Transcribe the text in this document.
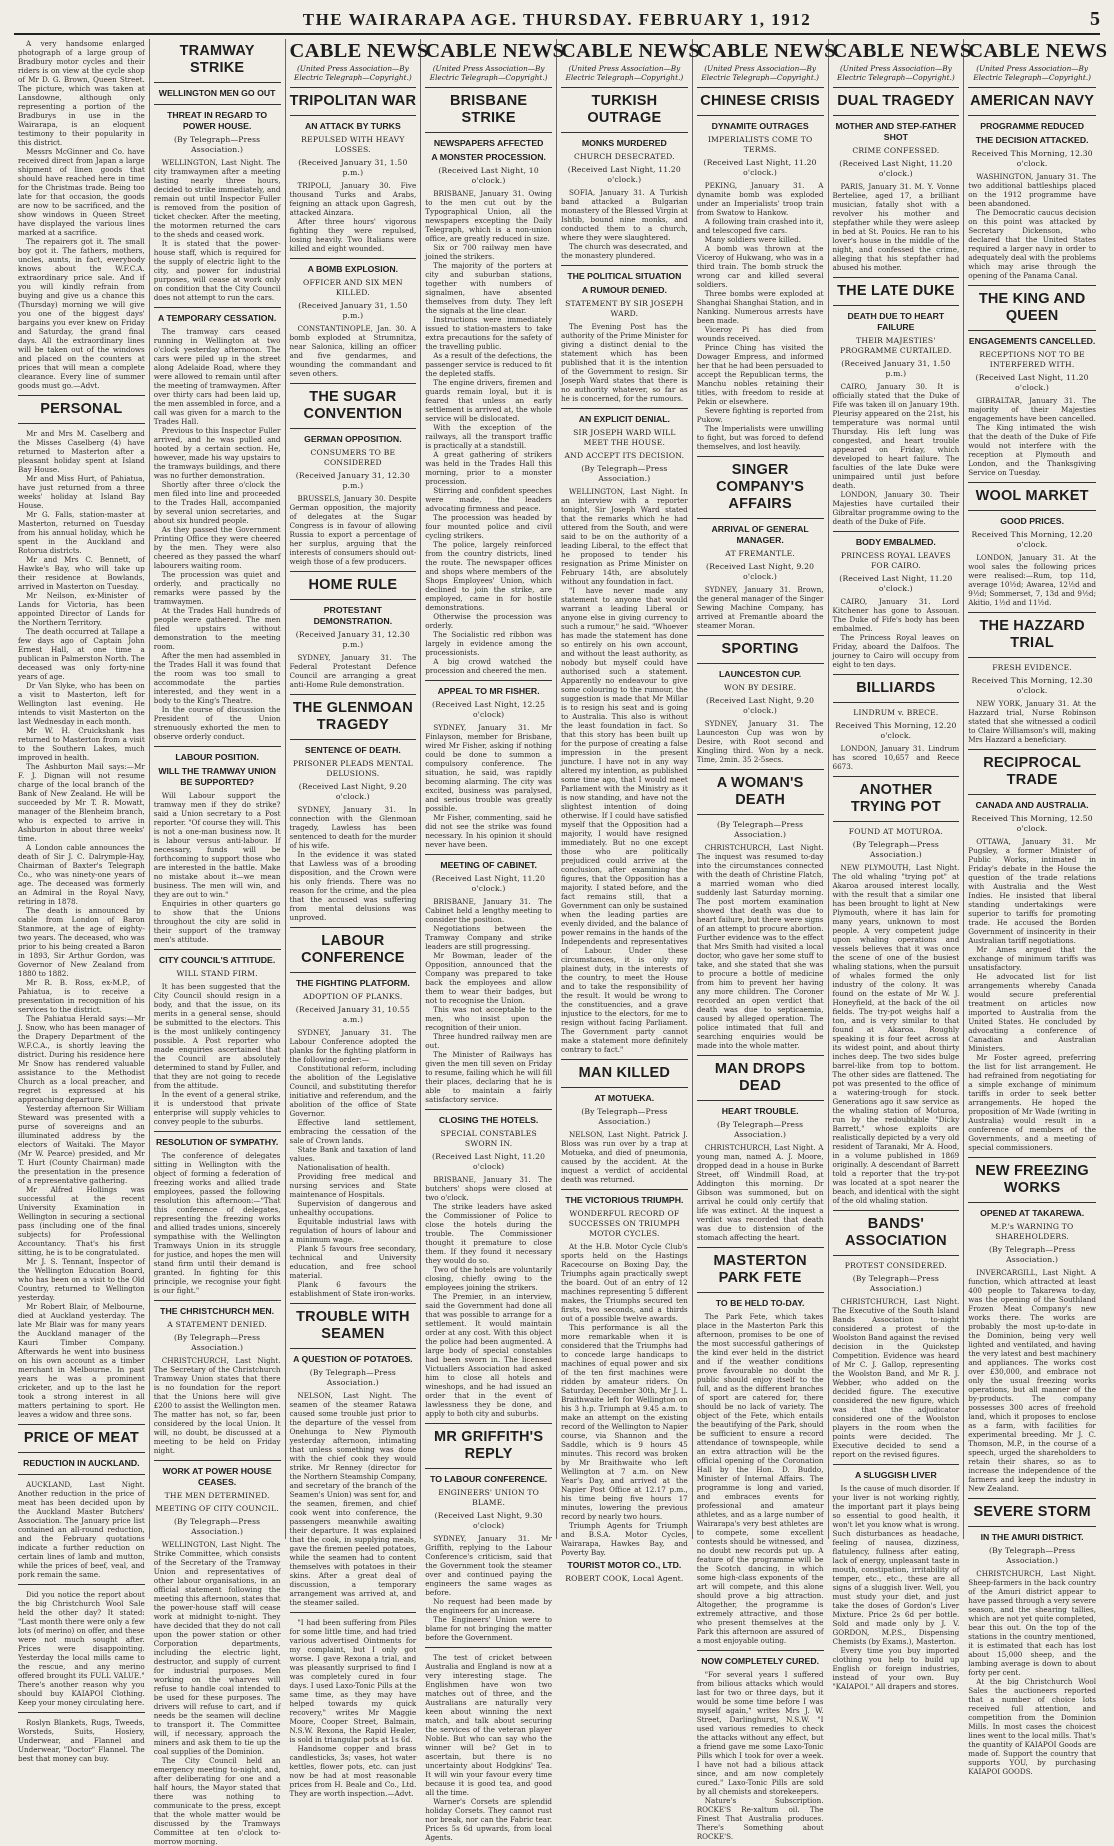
THE WAIRARAPA AGE. THURSDAY. FEBRUARY 1, 1912	5

A very handsome enlarged photograph of a large group of Bradbury motor cycles and their riders is on view at the cycle shop of Mr D. G. Brown, Queen Street. The picture, which was taken at Lansdowne, although only representing a portion of the Bradburys in use in the Wairarapa, is an eloquent testimony to their popularity in this district.

Messrs McGinner and Co. have received direct from Japan a large shipment of linen goods that should have reached here in time for the Christmas trade. Being too late for that occasion, the goods are now to be sacrificed, and the show windows in Queen Street have displayed the various lines marked at a sacrifice.

The repairers got it. The small boy got it. The fathers, mothers, uncles, aunts, in fact, everybody knows about the W.F.C.A. extraordinary price sale. And if you will kindly refrain from buying and give us a chance this (Thursday) morning we will give you one of the biggest days' bargains you ever knew on Friday and Saturday, the grand final days. All the extraordinary lines will be taken out of the windows and placed on the counters at prices that will mean a complete clearance. Every line of summer goods must go.—Advt.

PERSONAL

Mr and Mrs M. Caselberg and the Misses Caselberg (4) have returned to Masterton after a pleasant holiday spent at Island Bay House.

Mr and Miss Hurt, of Pahiatua, have just returned from a three weeks' holiday at Island Bay House.

Mr G. Falls, station-master at Masterton, returned on Tuesday from his annual holiday, which he spent in the Auckland and Rotorua districts.

Mr and Mrs C. Bennett, of Hawke's Bay, who will take up their residence at Bowlands, arrived in Masterton on Tuesday.

Mr Neilson, ex-Minister of Lands for Victoria, has been appointed Director of Lands for the Northern Territory.

The death occurred at Tallape a few days ago of Captain John Ernest Hall, at one time a publican in Palmerston North. The deceased was only forty-nine years of age.

Dr Van Slyke, who has been on a visit to Masterton, left for Wellington last evening. He intends to visit Masterton on the last Wednesday in each month.

Mr W. H. Cruickshank has returned to Masterton from a visit to the Southern Lakes, much improved in health.

The Ashburton Mail says:—Mr F. J. Dignan will not resume charge of the local branch of the Bank of New Zealand. He will be succeeded by Mr T. R. Mowatt, manager of the Blenheim branch, who is expected to arrive in Ashburton in about three weeks' time.

A London cable announces the death of Sir J. C. Dalrymple-Hay, Chairman of Baxter's Telegraph Co., who was ninety-one years of age. The deceased was formerly an Admiral in the Royal Navy, retiring in 1878.

The death is announced by cable from London of Baron Stanmore, at the age of eighty-two years. The deceased, who was prior to his being created a Baron in 1893, Sir Arthur Gordon, was Governor of New Zealand from 1880 to 1882.

Mr R. B. Ross, ex-M.P., of Pahiatua, is to receive a presentation in recognition of his services to the district.

The Pahiatua Herald says:—Mr J. Snow, who has been manager of the Drapery Department of the W.F.C.A., is shortly leaving the district. During his residence here Mr Snow has rendered valuable assistance to the Methodist Church as a local preacher, and regret is expressed at his approaching departure.

Yesterday afternoon Sir William Steward was presented with a purse of sovereigns and an illuminated address by the electors of Waitaki. The Mayor (Mr W. Pearce) presided, and Mr T. Hurt (County Chairman) made the presentation in the presence of a representative gathering.

Mr Alfred Hollings was successful at the recent University Examination in Wellington in securing a sectional pass (including one of the final subjects) for Professional Accountancy. That's his first sitting, he is to be congratulated.

Mr J. S. Tennant, Inspector of the Wellington Education Board, who has been on a visit to the Old Country, returned to Wellington yesterday.

Mr Robert Blair, of Melbourne, died at Auckland yesterday. The late Mr Blair was for many years the Auckland manager of the Kauri Timber Company. Afterwards he went into business on his own account as a timber merchant in Melbourne. In past years he was a prominent cricketer, and up to the last he took a strong interest in all matters pertaining to sport. He leaves a widow and three sons.

PRICE OF MEAT
REDUCTION IN AUCKLAND.

AUCKLAND, Last Night. Another reduction in the price of meat has been decided upon by the Auckland Master Butchers' Association. The January price list contained an all-round reduction, and the February quotations indicate a further reduction on certain lines of lamb and mutton, while the prices of beef, veal, and pork remain the same.

Did you notice the report about the big Christchurch Wool Sale held the other day? It stated: "Last month there were only a few lots (of merino) on offer, and these were not much sought after. Prices were disappointing. Yesterday the local mills came to the rescue, and any merino offered brought its FULL VALUE." There's another reason why you should buy KAIAPOI Clothing. Keep your money circulating here.

Roslyn Blankets, Rugs, Tweeds, Worsteds, Suits, Hosiery, Underwear, and Flannel and Underwear, "Doctor" Flannel. The best that money can buy.

TRAMWAY STRIKE
WELLINGTON MEN GO OUT
THREAT IN REGARD TO POWER HOUSE.
(By Telegraph—Press Association.)

WELLINGTON, Last Night. The city tramwaymen after a meeting lasting nearly three hours, decided to strike immediately, and remain out until Inspector Fuller is removed from the position of ticket checker. After the meeting, the motormen returned the cars to the sheds and ceased work.

It is stated that the power-house staff, which is required for the supply of electric light to the city, and power for industrial purposes, will cease at work only on condition that the City Council does not attempt to run the cars.

A TEMPORARY CESSATION.

The tramway cars ceased running in Wellington at two o'clock yesterday afternoon. The cars were piled up in the street along Adelaide Road, where they were allowed to remain until after the meeting of tramwaymen. After over thirty cars had been laid up, the men assembled in force, and a call was given for a march to the Trades Hall.

Previous to this Inspector Fuller arrived, and he was pulled and hooted by a certain section. He, however, made his way upstairs to the tramways buildings, and there was no further demonstration.

Shortly after three o'clock the men filed into line and proceeded to the Trades Hall, accompanied by several union secretaries, and about six hundred people.

As they passed the Government Printing Office they were cheered by the men. They were also cheered as they passed the wharf labourers waiting room.

The procession was quiet and orderly, and practically no remarks were passed by the tramwaymen.

At the Trades Hall hundreds of people were gathered. The men filed upstairs without demonstration to the meeting room.

After the men had assembled in the Trades Hall it was found that the room was too small to accommodate the parties interested, and they went in a body to the King's Theatre.

In the course of discussion the President of the Union strenuously exhorted the men to observe orderly conduct.

LABOUR POSITION.
WILL THE TRAMWAY UNION BE SUPPORTED?

Will Labour support the tramway men if they do strike? said a Union secretary to a Post reporter. "Of course they will. This is not a one-man business now. It is labour versus anti-labour. If necessary, funds will be forthcoming to support those who are interested in the battle. Make no mistake about it—we mean business. The men will win, and they are out to win."

Enquiries in other quarters go to show that the Unions throughout the city are solid in their support of the tramway men's attitude.

CITY COUNCIL'S ATTITUDE.
WILL STAND FIRM.

It has been suggested that the City Council should resign in a body, and that the issue, on its merits in a general sense, should be submitted to the electors. This is the most unlikely contingency possible. A Post reporter who made enquiries ascertained that the Council are absolutely determined to stand by Fuller, and that they are not going to recede from the attitude.

In the event of a general strike, it is understood that private enterprise will supply vehicles to convey people to the suburbs.

RESOLUTION OF SYMPATHY.

The conference of delegates sitting in Wellington with the object of forming a federation of freezing works and allied trade employees, passed the following resolution this afternoon:—"That this conference of delegates, representing the freezing works and allied trades unions, sincerely sympathise with the Wellington Tramways Union in its struggle for justice, and hopes the men will stand firm until their demand is granted. In fighting for this principle, we recognise your fight is our fight."

THE CHRISTCHURCH MEN.
A STATEMENT DENIED.
(By Telegraph—Press Association.)

CHRISTCHURCH, Last Night. The Secretary of the Christchurch Tramway Union states that there is no foundation for the report that the Unions here will give £200 to assist the Wellington men. The matter has not, so far, been considered by the local Union. It will, no doubt, be discussed at a meeting to be held on Friday night.

WORK AT POWER HOUSE CEASES.
THE MEN DETERMINED.
MEETING OF CITY COUNCIL.
(By Telegraph—Press Association.)

WELLINGTON, Last Night. The Strike Committee, which consists of the Secretary of the Tramway Union and representatives of other labour organisations, in an official statement following the meeting this afternoon, states that the power-house staff will cease work at midnight to-night. They have decided that they do not call upon the power station or other Corporation departments, including the electric light, destructor, and supply of current for industrial purposes. Men working on the wharves will refuse to handle coal intended to be used for these purposes. The drivers will refuse to cart, and if needs be the seamen will decline to transport it. The Committee will, if necessary, approach the miners and ask them to tie up the coal supplies of the Dominion.

The City Council held an emergency meeting to-night, and, after deliberating for one and a half hours, the Mayor stated that there was nothing to communicate to the press, except that the whole matter would be discussed by the Tramways Committee at ten o'clock to-morrow morning.

CABLE NEWS
(United Press Association—By Electric Telegraph—Copyright.)
TRIPOLITAN WAR
AN ATTACK BY TURKS
REPULSED WITH HEAVY LOSSES.
(Received January 31, 1.50 p.m.)

TRIPOLI, January 30. Five thousand Turks and Arabs, feigning an attack upon Gagresh, attacked Ainzara.

After three hours' vigorous fighting they were repulsed, losing heavily. Two Italians were killed and eight wounded.

A BOMB EXPLOSION.
OFFICER AND SIX MEN KILLED.
(Received January 31, 1.50 p.m.)

CONSTANTINOPLE, Jan. 30. A bomb exploded at Strumnitza, near Salonica, killing an officer and five gendarmes, and wounding the commandant and seven others.

THE SUGAR CONVENTION
GERMAN OPPOSITION.
CONSUMERS TO BE CONSIDERED
(Received January 31, 12.30 p.m.)

BRUSSELS, January 30. Despite German opposition, the majority of delegates at the Sugar Congress is in favour of allowing Russia to export a percentage of her surplus, arguing that the interests of consumers should out-weigh those of a few producers.

HOME RULE
PROTESTANT DEMONSTRATION.
(Received January 31, 12.30 p.m.)

SYDNEY, January 31. The Federal Protestant Defence Council are arranging a great anti-Home Rule demonstration.

THE GLENMOAN TRAGEDY
SENTENCE OF DEATH.
PRISONER PLEADS MENTAL DELUSIONS.
(Received Last Night, 9.20 o'clock.)

SYDNEY, January 31. In connection with the Glenmoan tragedy, Lawless has been sentenced to death for the murder of his wife.

In the evidence it was stated that Lawless was of a brooding disposition, and the Crown were his only friends. There was no reason for the crime, and the plea that the accused was suffering from mental delusions was unproved.

LABOUR CONFERENCE
THE FIGHTING PLATFORM.
ADOPTION OF PLANKS.
(Received January 31, 10.55 a.m.)

SYDNEY, January 31. The Labour Conference adopted the planks for the fighting platform in the following order:—

Constitutional reform, including the abolition of the Legislative Council, and substituting therefor initiative and referendum, and the abolition of the office of State Governor.

Effective land settlement, embracing the cessation of the sale of Crown lands.

State Bank and taxation of land values.

Nationalisation of health.

Providing free medical and nursing services and State maintenance of Hospitals.

Supervision of dangerous and unhealthy occupations.

Equitable industrial laws with regulation of hours of labour and a minimum wage.

Plank 5 favours free secondary, technical and University education, and free school material.

Plank 6 favours the establishment of State iron-works.

TROUBLE WITH SEAMEN
A QUESTION OF POTATOES.
(By Telegraph—Press Association.)

NELSON, Last Night. The seamen of the steamer Ratawa caused some trouble just prior to the departure of the vessel from Onehunga to New Plymouth yesterday afternoon, intimating that unless something was done with the chief cook they would strike. Mr Renney (director for the Northern Steamship Company, and secretary of the branch of the Seamen's Union) was sent for, and the seamen, firemen, and chief cook went into conference, the passengers meanwhile awaiting their departure. It was explained that the cook, in supplying meals, gave the firemen peeled potatoes, while the seamen had to content themselves with potatoes in their skins. After a great deal of discussion, a temporary arrangement was arrived at, and the steamer sailed.

"I had been suffering from Piles for some little time, and had tried various advertised Ointments for my complaint, but I only got worse. I gave Rexona a trial, and was pleasantly surprised to find I was completely cured in four days. I used Laxo-Tonic Pills at the same time, as they may have helped towards my quick recovery," writes Mr Maggie Moore, Cooper Street, Balmain, N.S.W. Rexona, the Rapid Healer, is sold in triangular pots at 1s 6d.

Handsome copper and brass candlesticks, 3s; vases, hot water kettles, flower pots, etc. can just now be had at most reasonable prices from H. Beale and Co., Ltd. They are worth inspection.—Advt.

CABLE NEWS
(United Press Association—By Electric Telegraph—Copyright.)
BRISBANE STRIKE
NEWSPAPERS AFFECTED
A MONSTER PROCESSION.
(Received Last Night, 10 o'clock.)

BRISBANE, January 31. Owing to the men cut out by the Typographical Union, all the newspapers excepting the Daily Telegraph, which is a non-union office, are greatly reduced in size.

Six or 700 railway men have joined the strikers.

The majority of the porters at city and suburban stations, together with numbers of signalmen, have absented themselves from duty. They left the signals at the line clear.

Instructions were immediately issued to station-masters to take extra precautions for the safety of the travelling public.

As a result of the defections, the passenger service is reduced to fit the depleted staffs.

The engine drivers, firemen and guards remain loyal, but it is feared that unless an early settlement is arrived at, the whole service will be dislocated.

With the exception of the railways, all the transport traffic is practically at a standstill.

A great gathering of strikers was held in the Trades Hall this morning, prior to a monster procession.

Stirring and confident speeches were made, the leaders advocating firmness and peace.

The procession was headed by four mounted police and civil cycling strikers.

The police, largely reinforced from the country districts, lined the route. The newspaper offices and shops where members of the Shops Employees' Union, which declined to join the strike, are employed, came in for hostile demonstrations.

Otherwise the procession was orderly.

The Socialistic red ribbon was largely in evidence among the processionists.

A big crowd watched the procession and cheered the men.

APPEAL TO MR FISHER.
(Received Last Night, 12.25 o'clock)

SYDNEY, January 31. Mr Finlayson, member for Brisbane, wired Mr Fisher, asking if nothing could be done to summon a compulsory conference. The situation, he said, was rapidly becoming alarming. The city was excited, business was paralysed, and serious trouble was greatly possible.

Mr Fisher, commenting, said he did not see the strike was found necessary. In his opinion it should never have been.

MEETING OF CABINET.
(Received Last Night, 11.20 o'clock.)

BRISBANE, January 31. The Cabinet held a lengthy meeting to consider the position.

Negotiations between the Tramway Company and strike leaders are still progressing.

Mr Bowman, leader of the Opposition, announced that the Company was prepared to take back the employees and allow them to wear their badges, but not to recognise the Union.

This was not acceptable to the men, who insist upon the recognition of their union.

Three hundred railway men are out.

The Minister of Railways has given the men till seven on Friday to resume, failing which he will fill their places, declaring that he is able to maintain a fairly satisfactory service.

CLOSING THE HOTELS.
SPECIAL CONSTABLES SWORN IN.
(Received Last Night, 11.20 o'clock)

BRISBANE, January 31. The butchers' shops were closed at two o'clock.

The strike leaders have asked the Commissioner of Police to close the hotels during the trouble. The Commissioner thought it premature to close them. If they found it necessary they would do so.

Two of the hotels are voluntarily closing, chiefly owing to the employees joining the strikers.

The Premier, in an interview, said the Government had done all that was possible to arrange for a settlement. It would maintain order at any cost. With this object the police had been augmented. A large body of special constables had been sworn in. The licensed Victuallers Association had asked him to close all hotels and wineshops, and he had issued an order that in the event of lawlessness they be done, and apply to both city and suburbs.

MR GRIFFITH'S REPLY
TO LABOUR CONFERENCE.
ENGINEERS' UNION TO BLAME.
(Received Last Night, 9.30 o'clock)

SYDNEY, January 31. Mr Griffith, replying to the Labour Conference's criticism, said that the Government took the steamer over and continued paying the engineers the same wages as before.

No request had been made by the engineers for an increase.

The Engineers' Union were to blame for not bringing the matter before the Government.

The test of cricket between Australia and England is now at a very interesting stage. The Englishmen have won two matches out of three, and the Australians are naturally very keen about winning the next match, and talk about securing the services of the veteran player Noble. But who can say who the winner will be? Get in to ascertain, but there is no uncertainty about Hodgkins' Tea. It will win your favour every time because it is good tea, and good all the time.

Warner's Corsets are splendid holiday Corsets. They cannot rust nor break, nor can the Fabric tear. Prices 5s 6d upwards, from local Agents.

CABLE NEWS
(United Press Association—By Electric Telegraph—Copyright.)
TURKISH OUTRAGE
MONKS MURDERED
CHURCH DESECRATED.
(Received Last Night, 11.20 o'clock.)

SOFIA, January 31. A Turkish band attacked a Bulgarian monastery of the Blessed Virgin at Ishtib, bound nine monks, and conducted them to a church, where they were slaughtered.

The church was desecrated, and the monastery plundered.

THE POLITICAL SITUATION
A RUMOUR DENIED.
STATEMENT BY SIR JOSEPH WARD.

The Evening Post has the authority of the Prime Minister for giving a distinct denial to the statement which has been published that it is the intention of the Government to resign. Sir Joseph Ward states that there is no authority whatever, so far as he is concerned, for the rumours.

AN EXPLICIT DENIAL.
SIR JOSEPH WARD WILL MEET THE HOUSE.
AND ACCEPT ITS DECISION.
(By Telegraph—Press Association.)

WELLINGTON, Last Night. In an interview with a reporter tonight, Sir Joseph Ward stated that the remarks which he had uttered from the South, and were said to be on the authority of a leading Liberal, to the effect that he proposed to tender his resignation as Prime Minister on February 14th, are absolutely without any foundation in fact.

"I have never made any statement to anyone that would warrant a leading Liberal or anyone else in giving currency to such a rumour," he said. "Whoever has made the statement has done so entirely on his own account, and without the least authority, as nobody but myself could have authorised such a statement. Apparently no endeavour to give some colouring to the rumour, the suggestion is made that Mr Millar is to resign his seat and is going to Australia. This also is without the least foundation in fact. So that this story has been built up for the purpose of creating a false impression in the present juncture. I have not in any way altered my intention, as published some time ago, that I would meet Parliament with the Ministry as it is now standing, and have not the slightest intention of doing otherwise. If I could have satisfied myself that the Opposition had a majority, I would have resigned immediately. But no one except those who are politically prejudiced could arrive at the conclusion, after examining the figures, that the Opposition has a majority. I stated before, and the fact remains still, that a Government can only be sustained when the leading parties are evenly divided, and the balance of power remains in the hands of the Independents and representatives of Labour. Under these circumstances, it is only my plainest duty, in the interests of the country, to meet the House and to take the responsibility of the result. It would be wrong to the constituencies, and a grave injustice to the electors, for me to resign without facing Parliament. The Government party cannot make a statement more definitely contrary to fact."

MAN KILLED
AT MOTUEKA.
(By Telegraph—Press Association.)

NELSON, Last Night. Patrick J. Bloss was run over by a trap at Motueka, and died of pneumonia, caused by the accident. At the inquest a verdict of accidental death was returned.

THE VICTORIOUS TRIUMPH.
WONDERFUL RECORD OF SUCCESSES ON TRIUMPH MOTOR CYCLES.

At the H.B. Motor Cycle Club's sports held on the Hastings Racecourse on Boxing Day, the Triumphs again practically swept the board. Out of an entry of 12 machines representing 5 different makes, the Triumphs secured ten firsts, two seconds, and a thirds out of a possible twelve awards.

This performance is all the more remarkable when it is considered that the Triumphs had to concede large handicaps to machines of equal power and six of the ten first machines were ridden by amateur riders. On Saturday, December 30th, Mr J. L. Braithwaite left for Wellington on his 3 h.p. Triumph at 9.45 a.m. to make an attempt on the existing record of the Wellington to Napier course, via Shannon and the Saddle, which is 9 hours 45 minutes. This record was broken by Mr Braithwaite who left Wellington at 7 a.m. on New Year's Day, and arrived at the Napier Post Office at 12.17 p.m., his time being five hours 17 minutes, lowering the previous record by nearly two hours.

Triumph Agents for Triumph and B.S.A. Motor Cycles, Wairarapa, Hawkes Bay, and Poverty Bay.

TOURIST MOTOR CO., LTD.
ROBERT COOK, Local Agent.
CABLE NEWS
(United Press Association—By Electric Telegraph—Copyright.)
CHINESE CRISIS
DYNAMITE OUTRAGES
IMPERIALISTS COME TO TERMS.
(Received Last Night, 11.20 o'clock.)

PEKING, January 31. A dynamite bomb was exploded under an Imperialists' troop train from Swatow to Hankow.

A following train crashed into it, and telescoped five cars.

Many soldiers were killed.

A bomb was thrown at the Viceroy of Hukwang, who was in a third train. The bomb struck the wrong car and killed several soldiers.

Three bombs were exploded at Shanghai Shanghai Station, and in Nanking. Numerous arrests have been made.

Viceroy Pi has died from wounds received.

Prince Ching has visited the Dowager Empress, and informed her that he had been persuaded to accept the Republican terms, the Manchu nobles retaining their titles, with freedom to reside at Pekin or elsewhere.

Severe fighting is reported from Pukow.

The Imperialists were unwilling to fight, but was forced to defend themselves, and lost heavily.

SINGER COMPANY'S AFFAIRS
ARRIVAL OF GENERAL MANAGER.
AT FREMANTLE.
(Received Last Night, 9.20 o'clock.)

SYDNEY, January 31. Brown, the general manager of the Singer Sewing Machine Company, has arrived at Fremantle aboard the steamer Moran.

SPORTING
LAUNCESTON CUP.
WON BY DESIRE.
(Received Last Night, 9.20 o'clock.)

SYDNEY, January 31. The Launceston Cup was won by Desire, with Root second and Kingling third. Won by a neck. Time, 2min. 35 2-5secs.

A WOMAN'S DEATH
(By Telegraph—Press Association.)

CHRISTCHURCH, Last Night. The inquest was resumed to-day into the circumstances connected with the death of Christine Flatch, a married woman who died suddenly last Saturday morning. The post mortem examination showed that death was due to heart failure, but there were signs of an attempt to procure abortion. Further evidence was to the effect that Mrs Smith had visited a local doctor, who gave her some stuff to take, and she stated that she was to procure a bottle of medicine from him to prevent her having any more children. The Coroner recorded an open verdict that death was due to septicaemia, caused by alleged operation. The police intimated that full and searching enquiries would be made into the whole matter.

MAN DROPS DEAD
HEART TROUBLE.
(By Telegraph—Press Association.)

CHRISTCHURCH, Last Night. A young man, named A. J. Moore, dropped dead in a house in Burke Street, off Windmill Road, at Addington this morning. Dr Gibson was summoned, but on arrival he could only certify that life was extinct. At the inquest a verdict was recorded that death was due to distension of the stomach affecting the heart.

MASTERTON PARK FETE
TO BE HELD TO-DAY.

The Park Fete, which takes place in the Masterton Park this afternoon, promises to be one of the most successful gatherings of the kind ever held in the district and if the weather conditions prove favourable no doubt the public should enjoy itself to the full, and as the different branches of sport are catered for, there should be no lack of variety. The object of the Fete, which entails the beautifying of the Park, should be sufficient to ensure a record attendance of townspeople, while an extra attraction will be the official opening of the Coronation Hall by the Hon. D. Buddo, Minister of Internal Affairs. The programme is long and varied, and embraces events for professional and amateur athletes, and as a large number of Wairarapa's very best athletes are to compete, some excellent contests should be witnessed, and no doubt new records put up. A feature of the programme will be the Scotch dancing, in which some high-class exponents of the art will compete, and this alone should prove a big attraction. Altogether, the programme is extremely attractive, and those who present themselves at the Park this afternoon are assured of a most enjoyable outing.

NOW COMPLETELY CURED.

"For several years I suffered from bilious attacks which would last for two or three days, but it would be some time before I was myself again," writes Mrs J. W. Street, Darlinghurst, N.S.W. "I used various remedies to check the attacks without any effect, but a friend gave me some Laxo-Tonic Pills which I took for over a week. I have not had a bilious attack since, and am now completely cured." Laxo-Tonic Pills are sold by all chemists and storekeepers.

Nature's Subscription. ROCKE'S Re-xaltum oil. The Finest That Australia produces. There's Something about ROCKE'S.

CABLE NEWS
(United Press Association—By Electric Telegraph—Copyright.)
DUAL TRAGEDY
MOTHER AND STEP-FATHER SHOT
CRIME CONFESSED.
(Received Last Night, 11.20 o'clock.)

PARIS, January 31. M. Y. Vonne Berteliee, aged 17, a brilliant musician, fatally shot with a revolver his mother and stepfather while they were asleep in bed at St. Pouics. He ran to his lover's house in the middle of the night, and confessed the crime, alleging that his stepfather had abused his mother.

THE LATE DUKE
DEATH DUE TO HEART FAILURE
THEIR MAJESTIES' PROGRAMME CURTAILED.
(Received January 31, 1.50 p.m.)

CAIRO, January 30. It is officially stated that the Duke of Fife was taken ill on January 19th. Pleurisy appeared on the 21st, his temperature was normal until Thursday. His left lung was congested, and heart trouble appeared on Friday, which developed to heart failure. The faculties of the late Duke were unimpaired until just before death.

LONDON, January 30. Their Majesties have curtailed their Gibraltar programme owing to the death of the Duke of Fife.

BODY EMBALMED.
PRINCESS ROYAL LEAVES FOR CAIRO.
(Received Last Night, 11.20 o'clock.)

CAIRO, January 31. Lord Kitchener has gone to Assouan. The Duke of Fife's body has been embalmed.

The Princess Royal leaves on Friday, aboard the Dalfoos. The journey to Cairo will occupy from eight to ten days.

BILLIARDS
LINDRUM v. BRECE.
Received This Morning, 12.20 o'clock.

LONDON, January 31. Lindrum has scored 10,657 and Reece 6673.

ANOTHER TRYING POT
FOUND AT MOTUROA.
(By Telegraph—Press Association.)

NEW PLYMOUTH, Last Night. The old whaling "trying pot" at Akaroa aroused interest locally, with the result that a similar one has been brought to light at New Plymouth, where it has lain for many years, unknown to most people. A very competent judge upon whaling operations and vessels believes that it was once the scene of one of the busiest whaling stations, when the pursuit of whales formed the only industry of the colony. It was found on the estate of Mr W. J. Honeyfield, at the back of the oil fields. The try-pot weighs half a ton, and is very similar to that found at Akaroa. Roughly speaking it is four feet across at its widest point, and about thirty inches deep. The two sides bulge barrel-like from top to bottom. The other sides are flattened. The pot was presented to the office of a watering-trough for stock. Generations ago it saw service as the whaling station of Moturoa, run by the redoubtable "Dicky Barrett," whose exploits are realistically depicted by a very old resident of Taranaki, Mr A. Hood, in a volume published in 1869 originally. A descendant of Barrett told a reporter that the try-pot was located at a spot nearer the beach, and identical with the sight of the old whaling station.

BANDS' ASSOCIATION
PROTEST CONSIDERED.
(By Telegraph—Press Association.)

CHRISTCHURCH, Last Night. The Executive of the South Island Bands Association to-night considered a protest of the Woolston Band against the revised decision in the Quickstep Competition. Evidence was heard of Mr C. J. Gallop, representing the Woolston Band, and Mr R. J. Webber, who added on the decided figure. The executive considered the new figure, which was that the adjudicator considered one of the Woolston players in the room when the points were decided. The Executive decided to send a report on the revised figures.

A SLUGGISH LIVER

Is the cause of much disorder. If your liver is not working rightly, the important part it plays being so essential to good health, it won't let you know what is wrong. Such disturbances as headache, feeling of nausea, dizziness, flatulency, fullness after eating, lack of energy, unpleasant taste in mouth, constipation, irritability of temper, etc., etc., these are all signs of a sluggish liver. Well, you must study your diet, and just take the doses of Gordon's Liver Mixture. Price 2s 6d per bottle. Sold and made only by J. V. GORDON, M.P.S., Dispensing Chemists (by Exams.), Masterton.

Every time you buy imported clothing you help to build up English or foreign industries, instead of your own. Buy "KAIAPOI." All drapers and stores.

CABLE NEWS
(United Press Association—By Electric Telegraph—Copyright.)
AMERICAN NAVY
PROGRAMME REDUCED
THE DECISION ATTACKED.
Received This Morning, 12.30 o'clock.

WASHINGTON, January 31. The two additional battleships placed on the 1912 programme have been abandoned.

The Democratic caucus decision on this point was attacked by Secretary Dickenson, who declared that the United States required a larger navy in order to adequately deal with the problems which may arise through the opening of the Panama Canal.

THE KING AND QUEEN
ENGAGEMENTS CANCELLED.
RECEPTIONS NOT TO BE INTERFERED WITH.
(Received Last Night, 11.20 o'clock.)

GIBRALTAR, January 31. The majority of their Majesties engagements have been cancelled.

The King intimated the wish that the death of the Duke of Fife would not interfere with the reception at Plymouth and London, and the Thanksgiving Service on Tuesday.

WOOL MARKET
GOOD PRICES.
Received This Morning, 12.20 o'clock.

LONDON, January 31. At the wool sales the following prices were realised:—Rum, top 11d, average 10½d; Awarea, 12½d and 9½d; Sommerset, 7, 13d and 9½d; Akitio, 1½d and 11½d.

THE HAZZARD TRIAL
FRESH EVIDENCE.
Received This Morning, 12.30 o'clock.

NEW YORK, January 31. At the Hazzard trial, Nurse Robinson stated that she witnessed a codicil to Claire Williamson's will, making Mrs Hazzard a beneficiary.

RECIPROCAL TRADE
CANADA AND AUSTRALIA.
Received This Morning, 12.50 o'clock.

OTTAWA, January 31. Mr Pugsley, a former Minister of Public Works, intimated in Friday's debate in the House the question of the trade relations with Australia and the West Indies. He insisted that liberal standing undertakings were superior to tariffs for promoting trade. He accused the Borden Government of insincerity in their Australian tariff negotiations.

Mr Ames argued that the exchange of minimum tariffs was unsatisfactory.

He advocated list for list arrangements whereby Canada would secure preferential treatment on articles now imported to Australia from the United States. He concluded by advocating a conference of Canadian and Australian Ministers.

Mr Foster agreed, preferring the list for list arrangement. He had refrained from negotiating for a simple exchange of minimum tariffs in order to seek better arrangements. He hoped the proposition of Mr Wade (writing in Australia) would result in a conference of members of the Governments, and a meeting of special commissioners.

NEW FREEZING WORKS
OPENED AT TAKAREWA.
M.P.'s WARNING TO SHAREHOLDERS.
(By Telegraph—Press Association.)

INVERCARGILL, Last Night. A function, which attracted at least 400 people to Takarewa to-day, was the opening of the Southland Frozen Meat Company's new works there. The works are probably the most up-to-date in the Dominion, being very well lighted and ventilated, and having the very latest and best machinery and appliances. The works cost over £30,000, and embrace not only the usual freezing works operations, but all manner of the by-products. The company possesses 300 acres of freehold land, which it proposes to enclose as a farm, with facilities for experimental breeding. Mr J. C. Thomson, M.P., in the course of a speech, urged the shareholders to retain their shares, so as to increase the independence of the farmers and keep the industry in New Zealand.

SEVERE STORM
IN THE AMURI DISTRICT.
(By Telegraph—Press Association.)

CHRISTCHURCH, Last Night. Sheep-farmers in the back country of the Amuri district appear to have passed through a very severe season, and the shearing tallies, which are not yet quite completed, bear this out. On the top of the stations in the country mentioned, it is estimated that each has lost about 15,000 sheep, and the lambing average is down to about forty per cent.

At the big Christchurch Wool Sales the auctioneers reported that a number of choice lots received full attention, and competition from the Dominion Mills. In most cases the choicest lines went to the local mills. That's the quantity of KAIAPOI Goods are made of. Support the country that supports YOU, by purchasing KAIAPOI GOODS.
